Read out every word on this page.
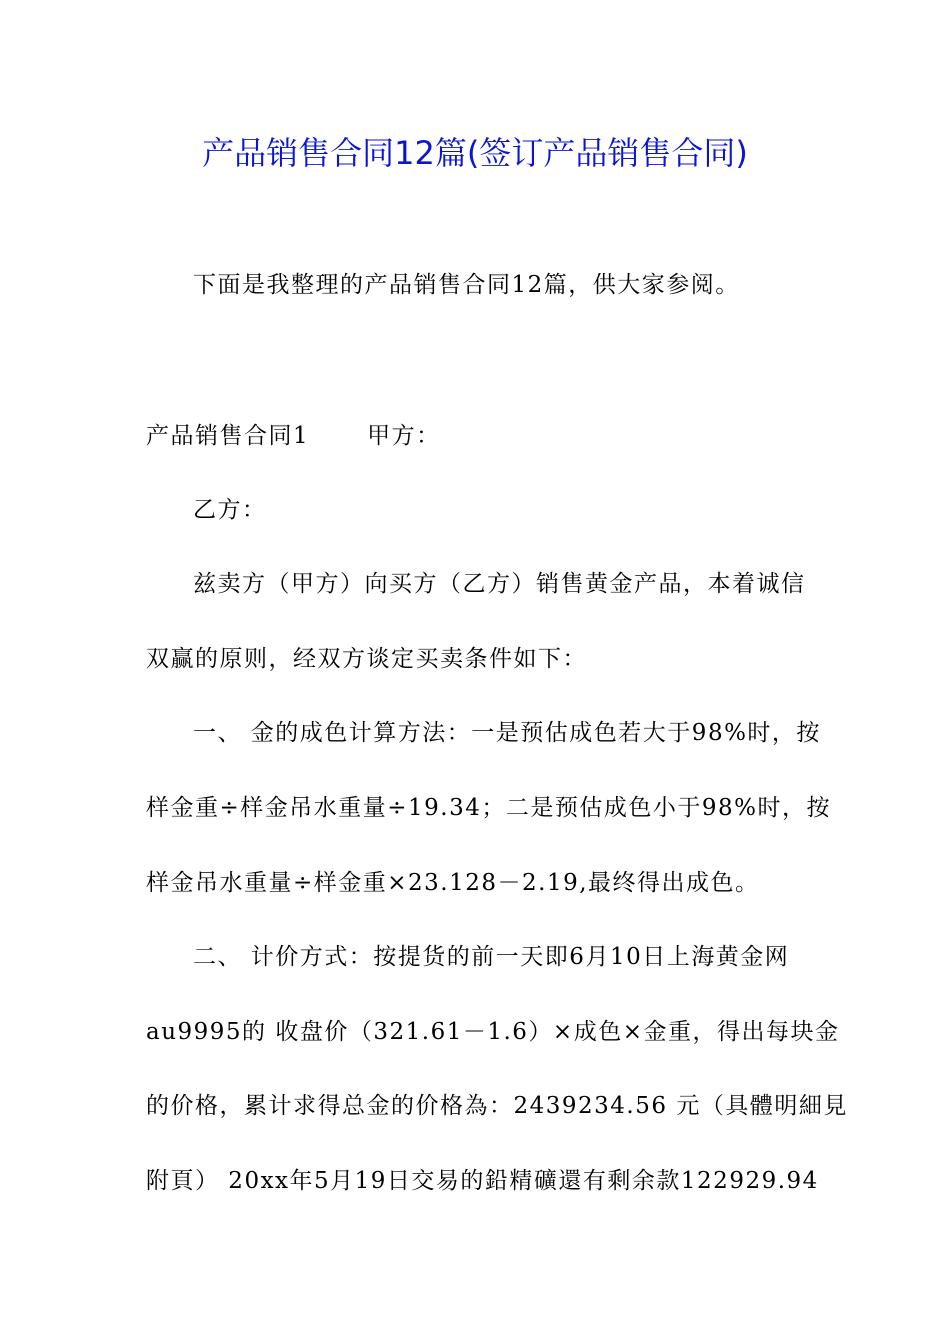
产品销售合同12篇(签订产品销售合同)
下面是我整理的产品销售合同12篇，供大家参阅。
产品销售合同1	甲方：
乙方：
兹卖方（甲方）向买方（乙方）销售黄金产品，本着诚信
双赢的原则，经双方谈定买卖条件如下：
一、 金的成色计算方法：一是预估成色若大于98%时，按
样金重÷样金吊水重量÷19.34；二是预估成色小于98%时，按
样金吊水重量÷样金重×23.128－2.19,最终得出成色。
二、 计价方式：按提货的前一天即6月10日上海黄金网
au9995的 收盘价（321.61－1.6）×成色×金重，得出每块金
的价格，累计求得总金的价格為：2439234.56 元（具體明細見
附頁） 20xx年5月19日交易的鉛精礦還有剩余款122929.94
